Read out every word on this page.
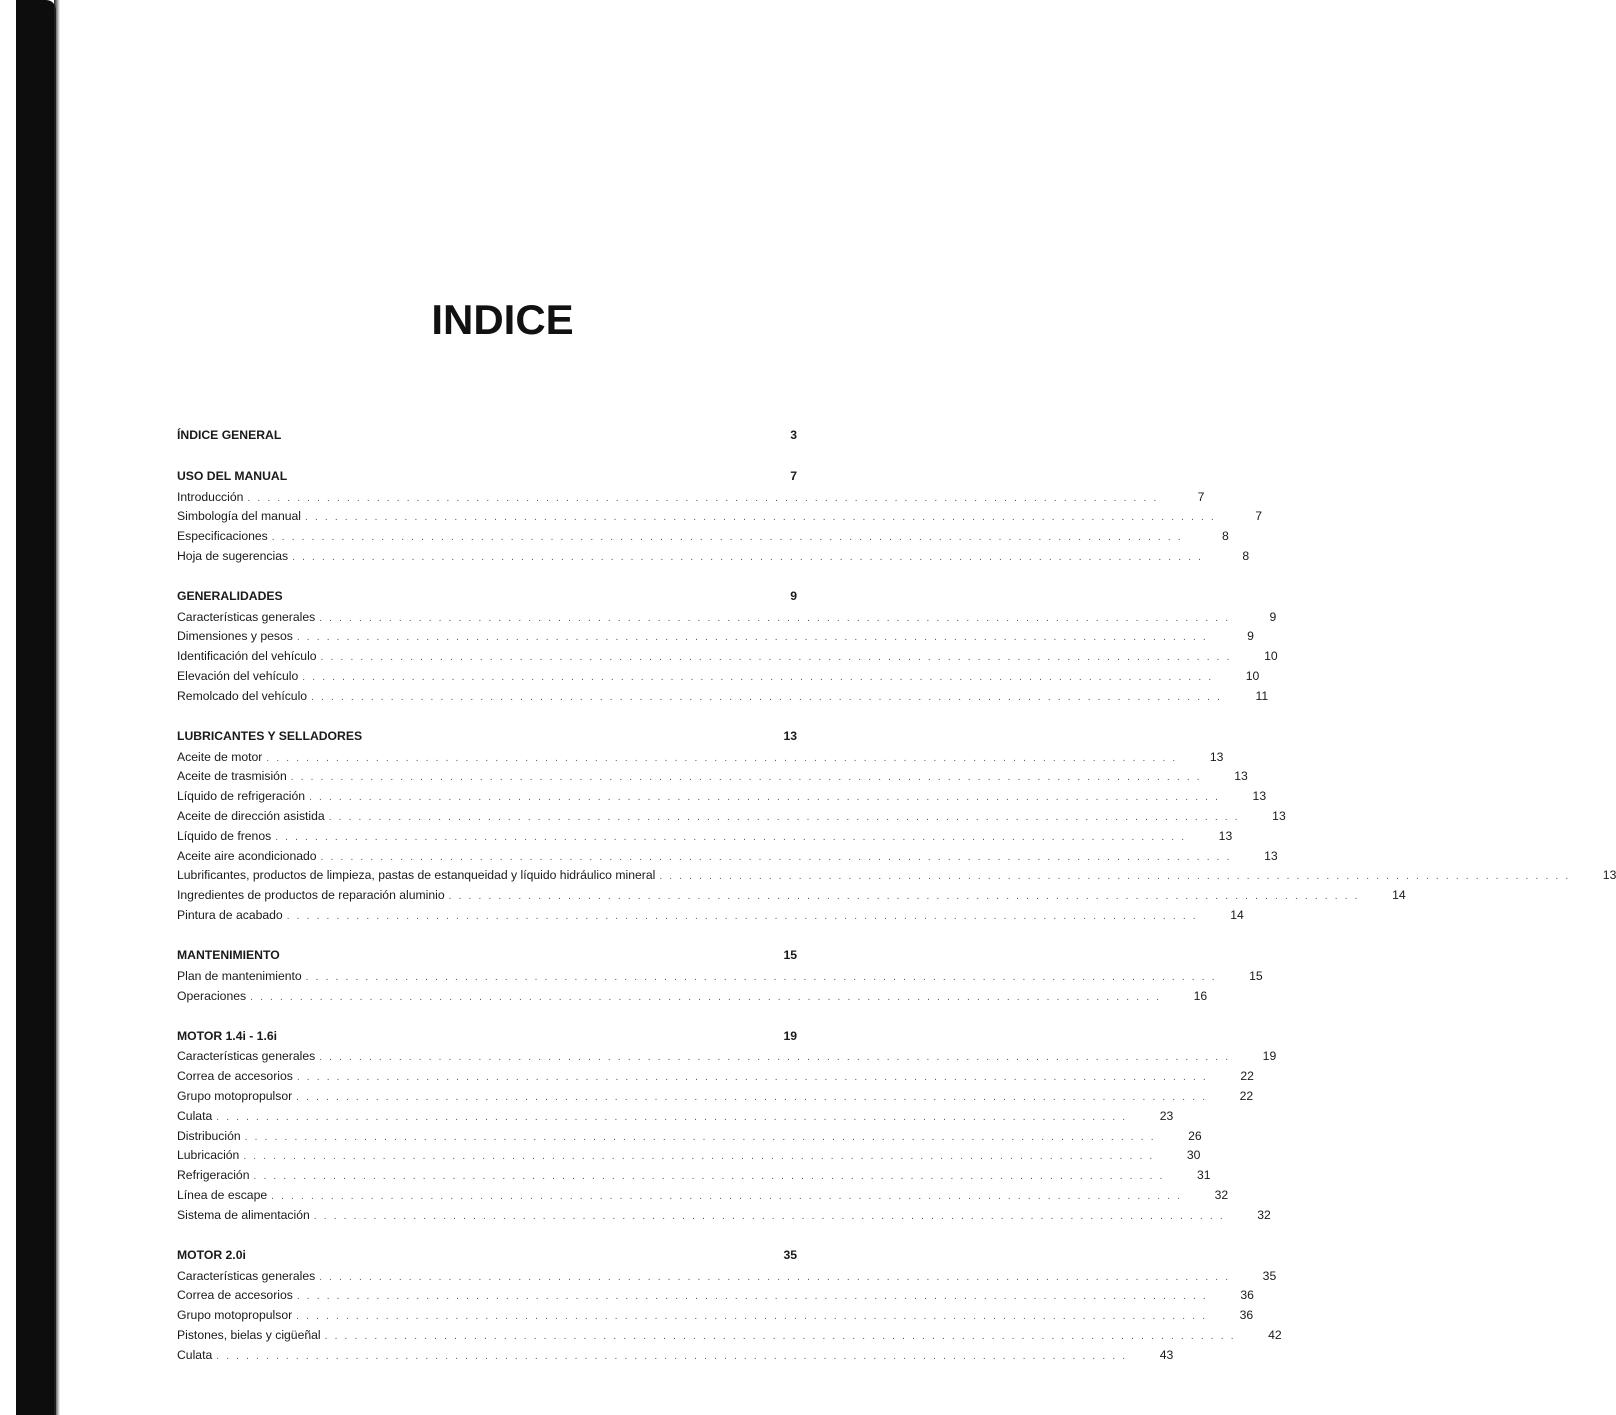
INDICE
ÍNDICE GENERAL	3
USO DEL MANUAL	7
Introducción . . . . . . . . . . . . . . . . . . . . . . . . . . . . . . . . . . . . . . . . . . . . . . . . . . . . . . . . . . . . . . . . . . . . . . . . . . . . . . . . . . . . . . . . . . . .	7
Simbología del manual . . . . . . . . . . . . . . . . . . . . . . . . . . . . . . . . . . . . . . . . . . . . . . . . . . . . . . . . . . . . . . . . . . . . . . . . . . . . . . . . . . . . . . . . . . . .	7
Especificaciones . . . . . . . . . . . . . . . . . . . . . . . . . . . . . . . . . . . . . . . . . . . . . . . . . . . . . . . . . . . . . . . . . . . . . . . . . . . . . . . . . . . . . . . . . . . .	8
Hoja de sugerencias . . . . . . . . . . . . . . . . . . . . . . . . . . . . . . . . . . . . . . . . . . . . . . . . . . . . . . . . . . . . . . . . . . . . . . . . . . . . . . . . . . . . . . . . . . . .	8
GENERALIDADES	9
Características generales . . . . . . . . . . . . . . . . . . . . . . . . . . . . . . . . . . . . . . . . . . . . . . . . . . . . . . . . . . . . . . . . . . . . . . . . . . . . . . . . . . . . . . . . . . . .	9
Dimensiones y pesos . . . . . . . . . . . . . . . . . . . . . . . . . . . . . . . . . . . . . . . . . . . . . . . . . . . . . . . . . . . . . . . . . . . . . . . . . . . . . . . . . . . . . . . . . . . .	9
Identificación del vehículo . . . . . . . . . . . . . . . . . . . . . . . . . . . . . . . . . . . . . . . . . . . . . . . . . . . . . . . . . . . . . . . . . . . . . . . . . . . . . . . . . . . . . . . . . . . .	10
Elevación del vehículo . . . . . . . . . . . . . . . . . . . . . . . . . . . . . . . . . . . . . . . . . . . . . . . . . . . . . . . . . . . . . . . . . . . . . . . . . . . . . . . . . . . . . . . . . . . .	10
Remolcado del vehículo . . . . . . . . . . . . . . . . . . . . . . . . . . . . . . . . . . . . . . . . . . . . . . . . . . . . . . . . . . . . . . . . . . . . . . . . . . . . . . . . . . . . . . . . . . . .	11
LUBRICANTES Y SELLADORES	13
Aceite de motor . . . . . . . . . . . . . . . . . . . . . . . . . . . . . . . . . . . . . . . . . . . . . . . . . . . . . . . . . . . . . . . . . . . . . . . . . . . . . . . . . . . . . . . . . . . .	13
Aceite de trasmisión . . . . . . . . . . . . . . . . . . . . . . . . . . . . . . . . . . . . . . . . . . . . . . . . . . . . . . . . . . . . . . . . . . . . . . . . . . . . . . . . . . . . . . . . . . . .	13
Líquido de refrigeración . . . . . . . . . . . . . . . . . . . . . . . . . . . . . . . . . . . . . . . . . . . . . . . . . . . . . . . . . . . . . . . . . . . . . . . . . . . . . . . . . . . . . . . . . . . .	13
Aceite de dirección asistida . . . . . . . . . . . . . . . . . . . . . . . . . . . . . . . . . . . . . . . . . . . . . . . . . . . . . . . . . . . . . . . . . . . . . . . . . . . . . . . . . . . . . . . . . . . .	13
Líquido de frenos . . . . . . . . . . . . . . . . . . . . . . . . . . . . . . . . . . . . . . . . . . . . . . . . . . . . . . . . . . . . . . . . . . . . . . . . . . . . . . . . . . . . . . . . . . . .	13
Aceite aire acondicionado . . . . . . . . . . . . . . . . . . . . . . . . . . . . . . . . . . . . . . . . . . . . . . . . . . . . . . . . . . . . . . . . . . . . . . . . . . . . . . . . . . . . . . . . . . . .	13
Lubrificantes, productos de limpieza, pastas de estanqueidad y líquido hidráulico mineral . . . . . . . . . . . . . . . . . . . . . . . . . . . . . . . . . . . . . . . . . . . . . . . . . . . . . . . . . . . . . . . . . . . . . . . . . . . . . . . . . . . . . . . . . . . .	13
Ingredientes de productos de reparación aluminio . . . . . . . . . . . . . . . . . . . . . . . . . . . . . . . . . . . . . . . . . . . . . . . . . . . . . . . . . . . . . . . . . . . . . . . . . . . . . . . . . . . . . . . . . . . .	14
Pintura de acabado . . . . . . . . . . . . . . . . . . . . . . . . . . . . . . . . . . . . . . . . . . . . . . . . . . . . . . . . . . . . . . . . . . . . . . . . . . . . . . . . . . . . . . . . . . . .	14
MANTENIMIENTO	15
Plan de mantenimiento . . . . . . . . . . . . . . . . . . . . . . . . . . . . . . . . . . . . . . . . . . . . . . . . . . . . . . . . . . . . . . . . . . . . . . . . . . . . . . . . . . . . . . . . . . . .	15
Operaciones . . . . . . . . . . . . . . . . . . . . . . . . . . . . . . . . . . . . . . . . . . . . . . . . . . . . . . . . . . . . . . . . . . . . . . . . . . . . . . . . . . . . . . . . . . . .	16
MOTOR 1.4i - 1.6i	19
Características generales . . . . . . . . . . . . . . . . . . . . . . . . . . . . . . . . . . . . . . . . . . . . . . . . . . . . . . . . . . . . . . . . . . . . . . . . . . . . . . . . . . . . . . . . . . . .	19
Correa de accesorios . . . . . . . . . . . . . . . . . . . . . . . . . . . . . . . . . . . . . . . . . . . . . . . . . . . . . . . . . . . . . . . . . . . . . . . . . . . . . . . . . . . . . . . . . . . .	22
Grupo motopropulsor . . . . . . . . . . . . . . . . . . . . . . . . . . . . . . . . . . . . . . . . . . . . . . . . . . . . . . . . . . . . . . . . . . . . . . . . . . . . . . . . . . . . . . . . . . . .	22
Culata . . . . . . . . . . . . . . . . . . . . . . . . . . . . . . . . . . . . . . . . . . . . . . . . . . . . . . . . . . . . . . . . . . . . . . . . . . . . . . . . . . . . . . . . . . . .	23
Distribución . . . . . . . . . . . . . . . . . . . . . . . . . . . . . . . . . . . . . . . . . . . . . . . . . . . . . . . . . . . . . . . . . . . . . . . . . . . . . . . . . . . . . . . . . . . .	26
Lubricación . . . . . . . . . . . . . . . . . . . . . . . . . . . . . . . . . . . . . . . . . . . . . . . . . . . . . . . . . . . . . . . . . . . . . . . . . . . . . . . . . . . . . . . . . . . .	30
Refrigeración . . . . . . . . . . . . . . . . . . . . . . . . . . . . . . . . . . . . . . . . . . . . . . . . . . . . . . . . . . . . . . . . . . . . . . . . . . . . . . . . . . . . . . . . . . . .	31
Línea de escape . . . . . . . . . . . . . . . . . . . . . . . . . . . . . . . . . . . . . . . . . . . . . . . . . . . . . . . . . . . . . . . . . . . . . . . . . . . . . . . . . . . . . . . . . . . .	32
Sistema de alimentación . . . . . . . . . . . . . . . . . . . . . . . . . . . . . . . . . . . . . . . . . . . . . . . . . . . . . . . . . . . . . . . . . . . . . . . . . . . . . . . . . . . . . . . . . . . .	32
MOTOR 2.0i	35
Características generales . . . . . . . . . . . . . . . . . . . . . . . . . . . . . . . . . . . . . . . . . . . . . . . . . . . . . . . . . . . . . . . . . . . . . . . . . . . . . . . . . . . . . . . . . . . .	35
Correa de accesorios . . . . . . . . . . . . . . . . . . . . . . . . . . . . . . . . . . . . . . . . . . . . . . . . . . . . . . . . . . . . . . . . . . . . . . . . . . . . . . . . . . . . . . . . . . . .	36
Grupo motopropulsor . . . . . . . . . . . . . . . . . . . . . . . . . . . . . . . . . . . . . . . . . . . . . . . . . . . . . . . . . . . . . . . . . . . . . . . . . . . . . . . . . . . . . . . . . . . .	36
Pistones, bielas y cigüeñal . . . . . . . . . . . . . . . . . . . . . . . . . . . . . . . . . . . . . . . . . . . . . . . . . . . . . . . . . . . . . . . . . . . . . . . . . . . . . . . . . . . . . . . . . . . .	42
Culata . . . . . . . . . . . . . . . . . . . . . . . . . . . . . . . . . . . . . . . . . . . . . . . . . . . . . . . . . . . . . . . . . . . . . . . . . . . . . . . . . . . . . . . . . . . .	43
